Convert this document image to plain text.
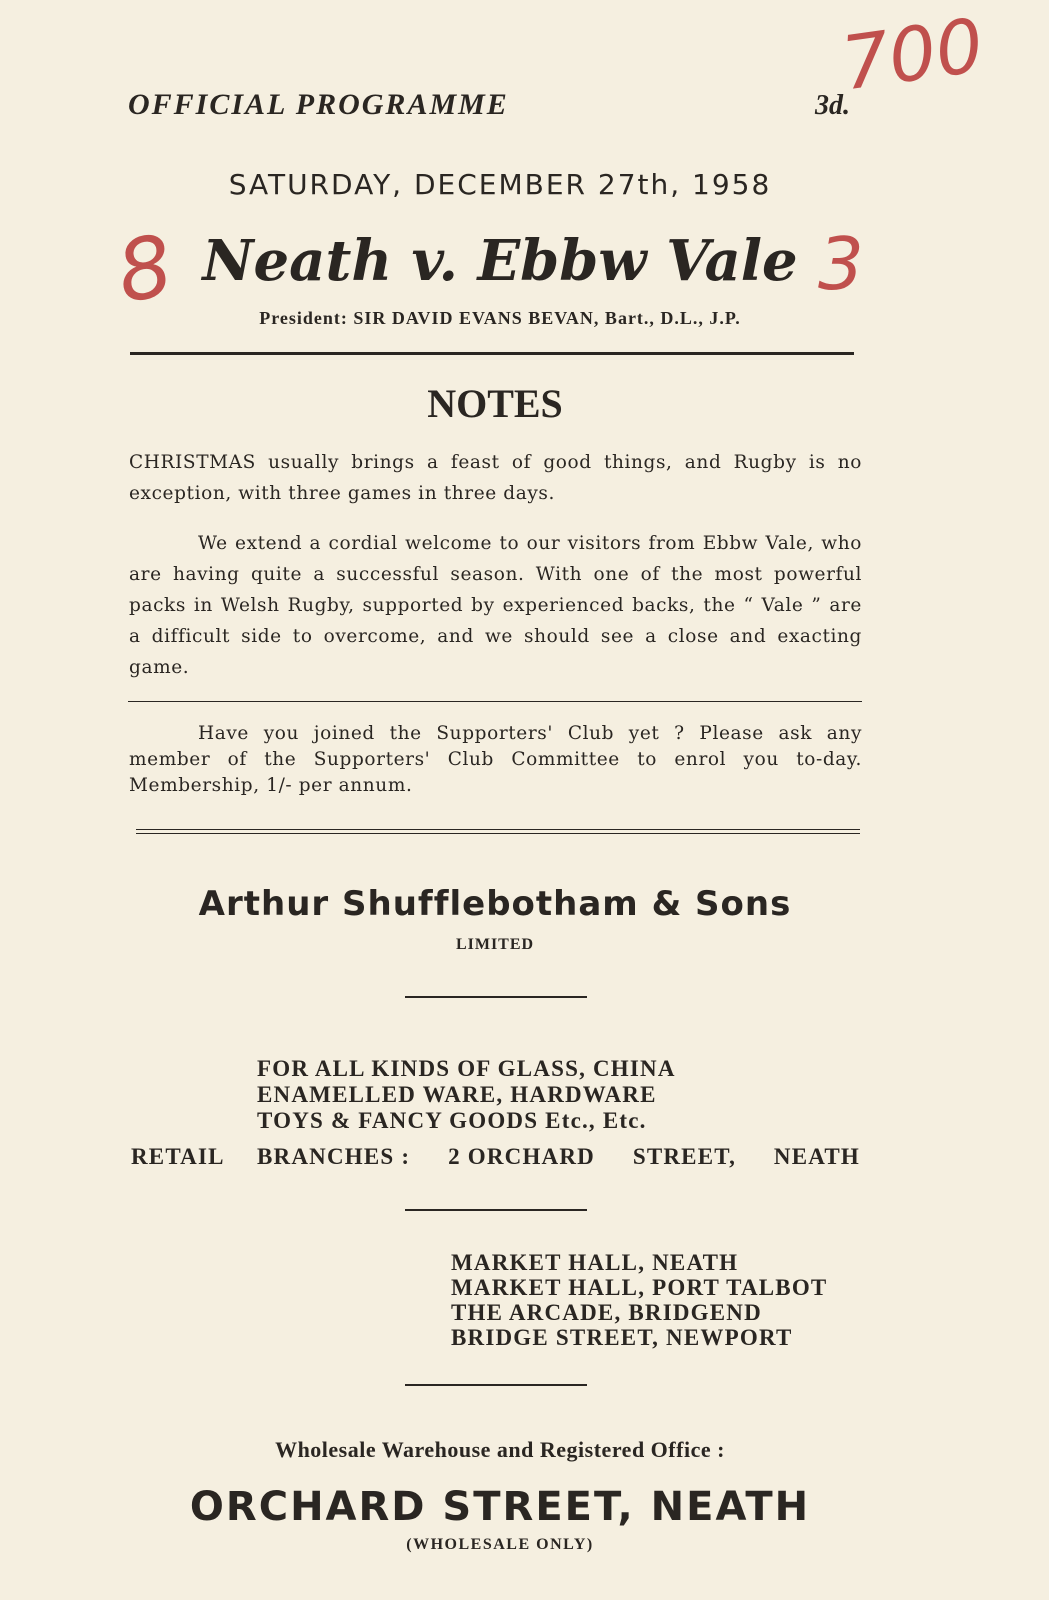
OFFICIAL PROGRAMME	3d.
700
SATURDAY, DECEMBER 27th, 1958
8 Neath v. Ebbw Vale 3
President: SIR DAVID EVANS BEVAN, Bart., D.L., J.P.
NOTES
CHRISTMAS usually brings a feast of good things, and Rugby is no exception, with three games in three days.
We extend a cordial welcome to our visitors from Ebbw Vale, who are having quite a successful season. With one of the most powerful packs in Welsh Rugby, supported by experienced backs, the “ Vale ” are a difficult side to overcome, and we should see a close and exacting game.
Have you joined the Supporters' Club yet ? Please ask any member of the Supporters' Club Committee to enrol you to-day. Membership, 1/- per annum.
Arthur Shufflebotham & Sons
LIMITED
FOR ALL KINDS OF GLASS, CHINA
ENAMELLED WARE, HARDWARE
TOYS & FANCY GOODS Etc., Etc.
RETAIL BRANCHES : 2 ORCHARD STREET, NEATH
MARKET HALL, NEATH
MARKET HALL, PORT TALBOT
THE ARCADE, BRIDGEND
BRIDGE STREET, NEWPORT
Wholesale Warehouse and Registered Office :
ORCHARD STREET, NEATH
(WHOLESALE ONLY)
